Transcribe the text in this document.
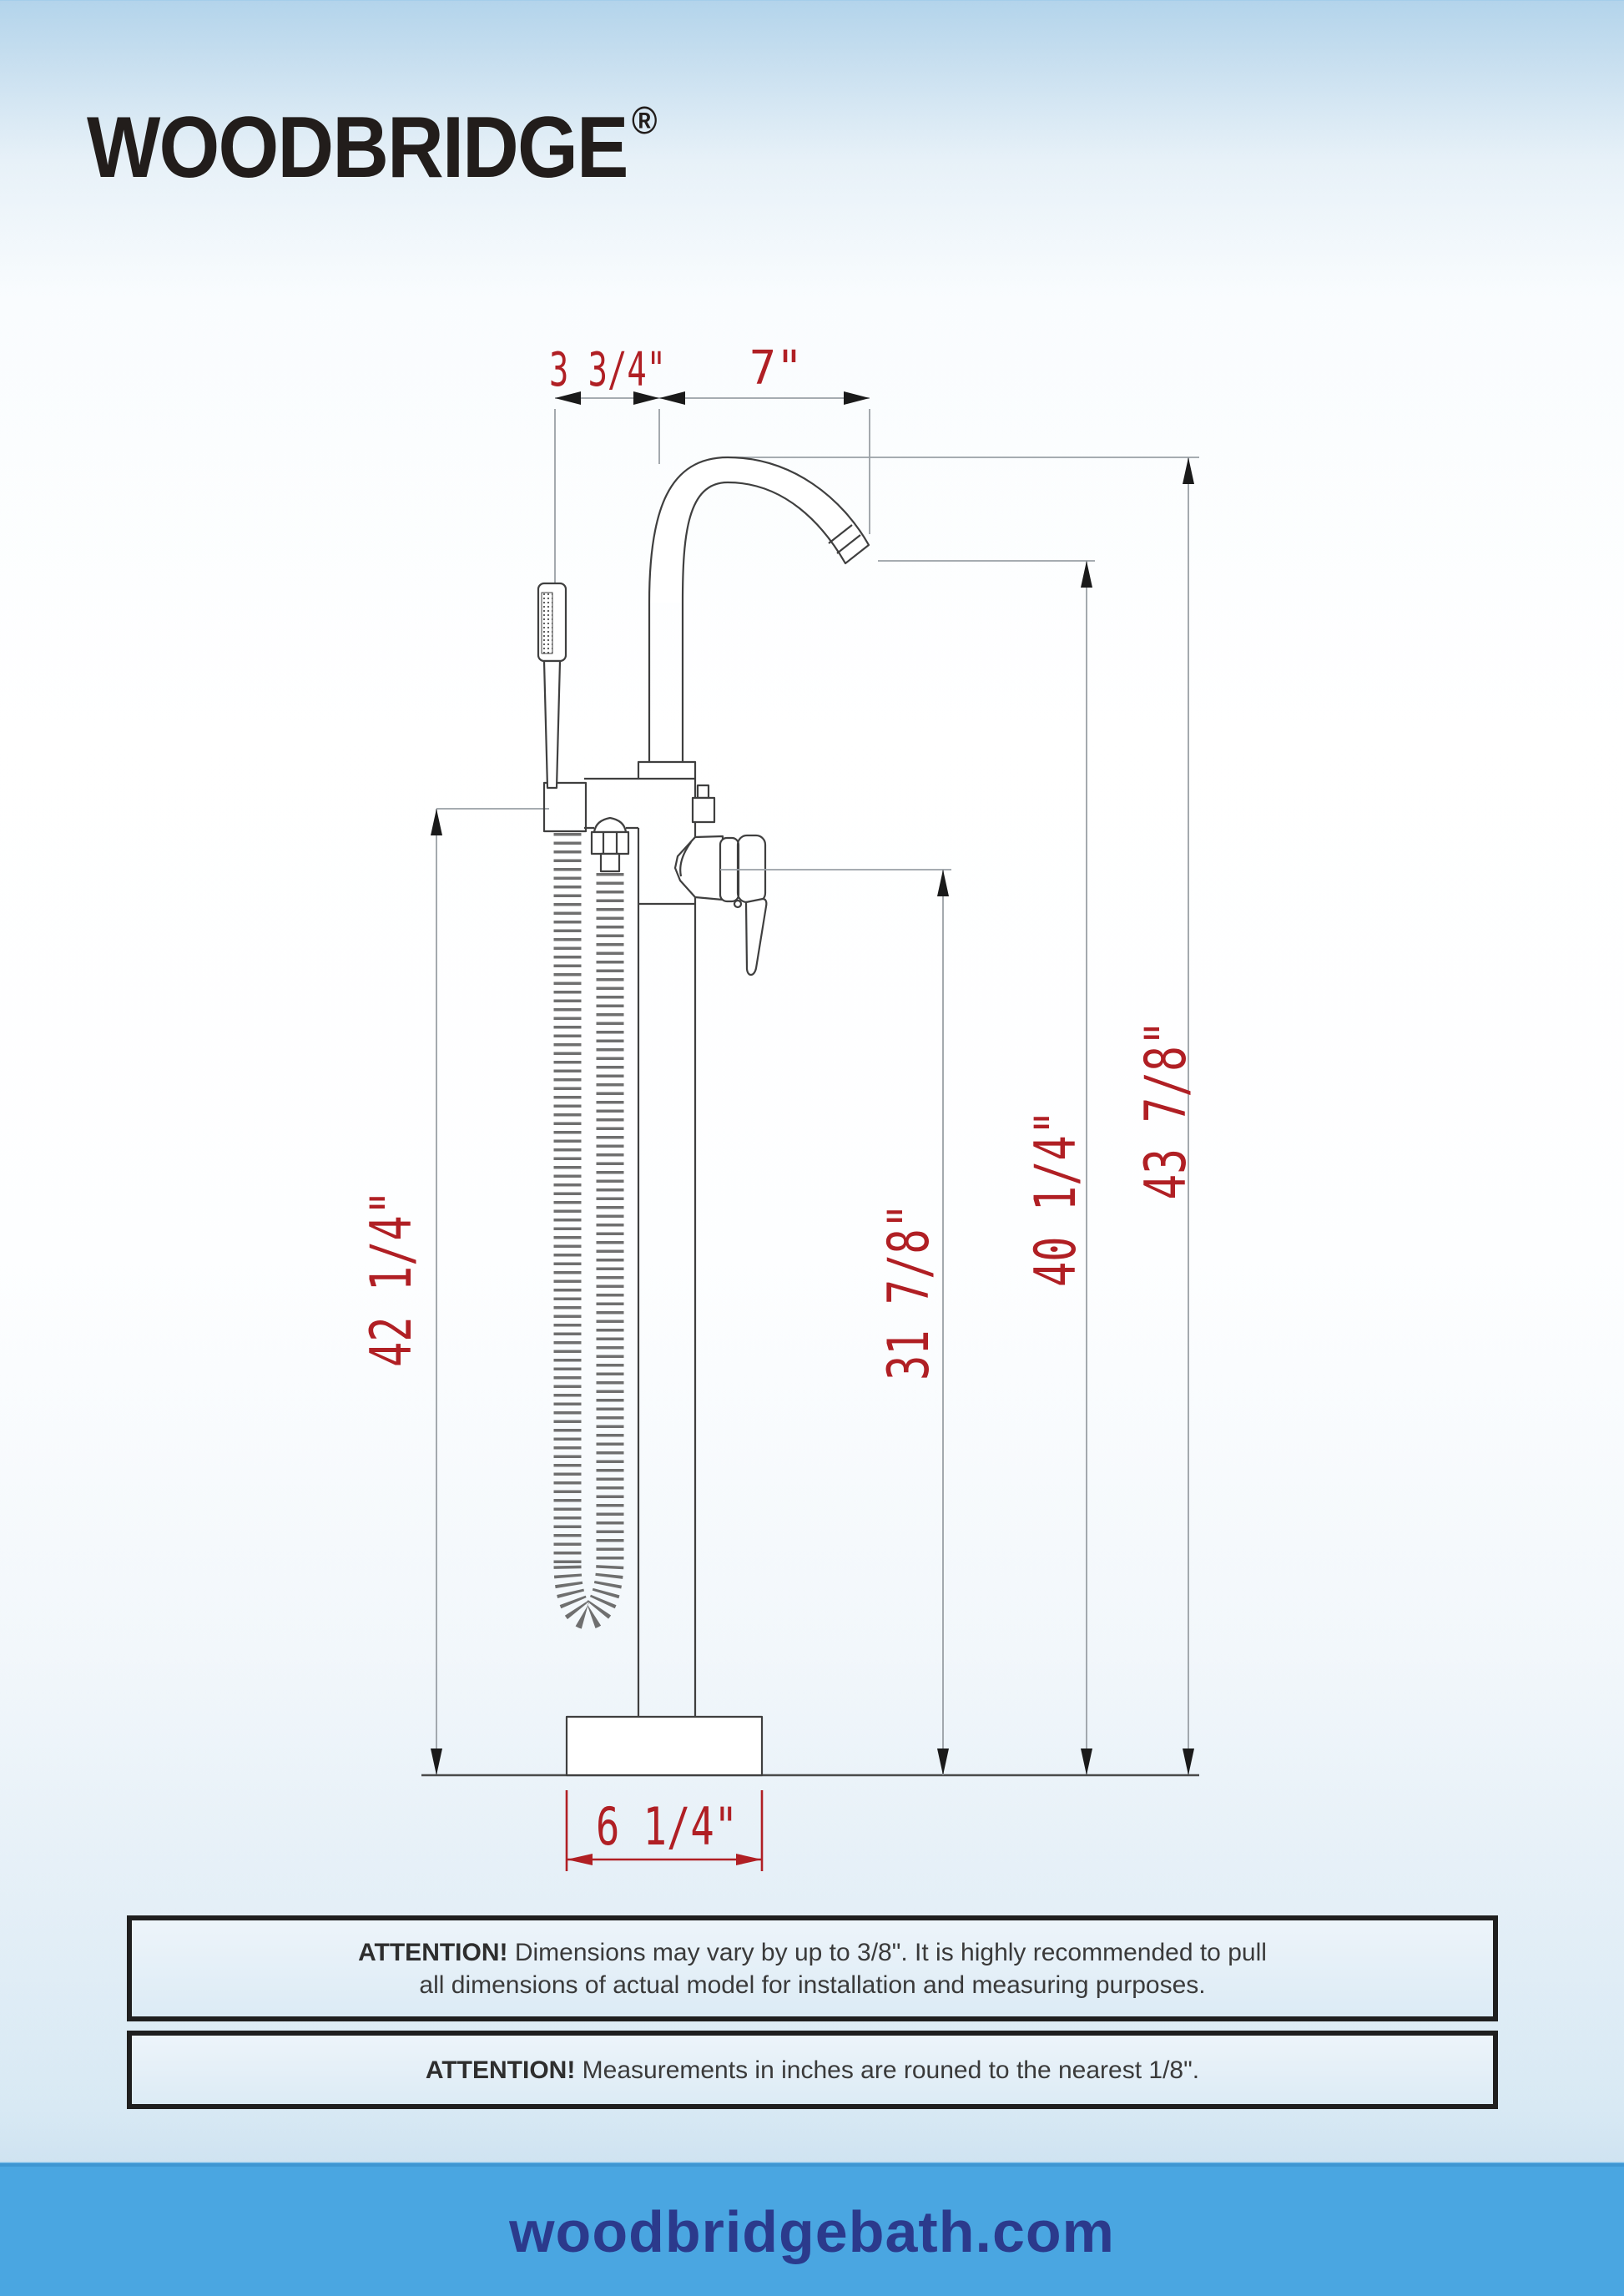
WOODBRIDGE ®
3 3/4" 7"
42 1/4"	31 7/8" 40 1/4" 43 7/8"
6 1/4"
ATTENTION! Dimensions may vary by up to 3/8". It is highly recommended to pull
all dimensions of actual model for installation and measuring purposes.
ATTENTION! Measurements in inches are rouned to the nearest 1/8".
woodbridgebath.com
